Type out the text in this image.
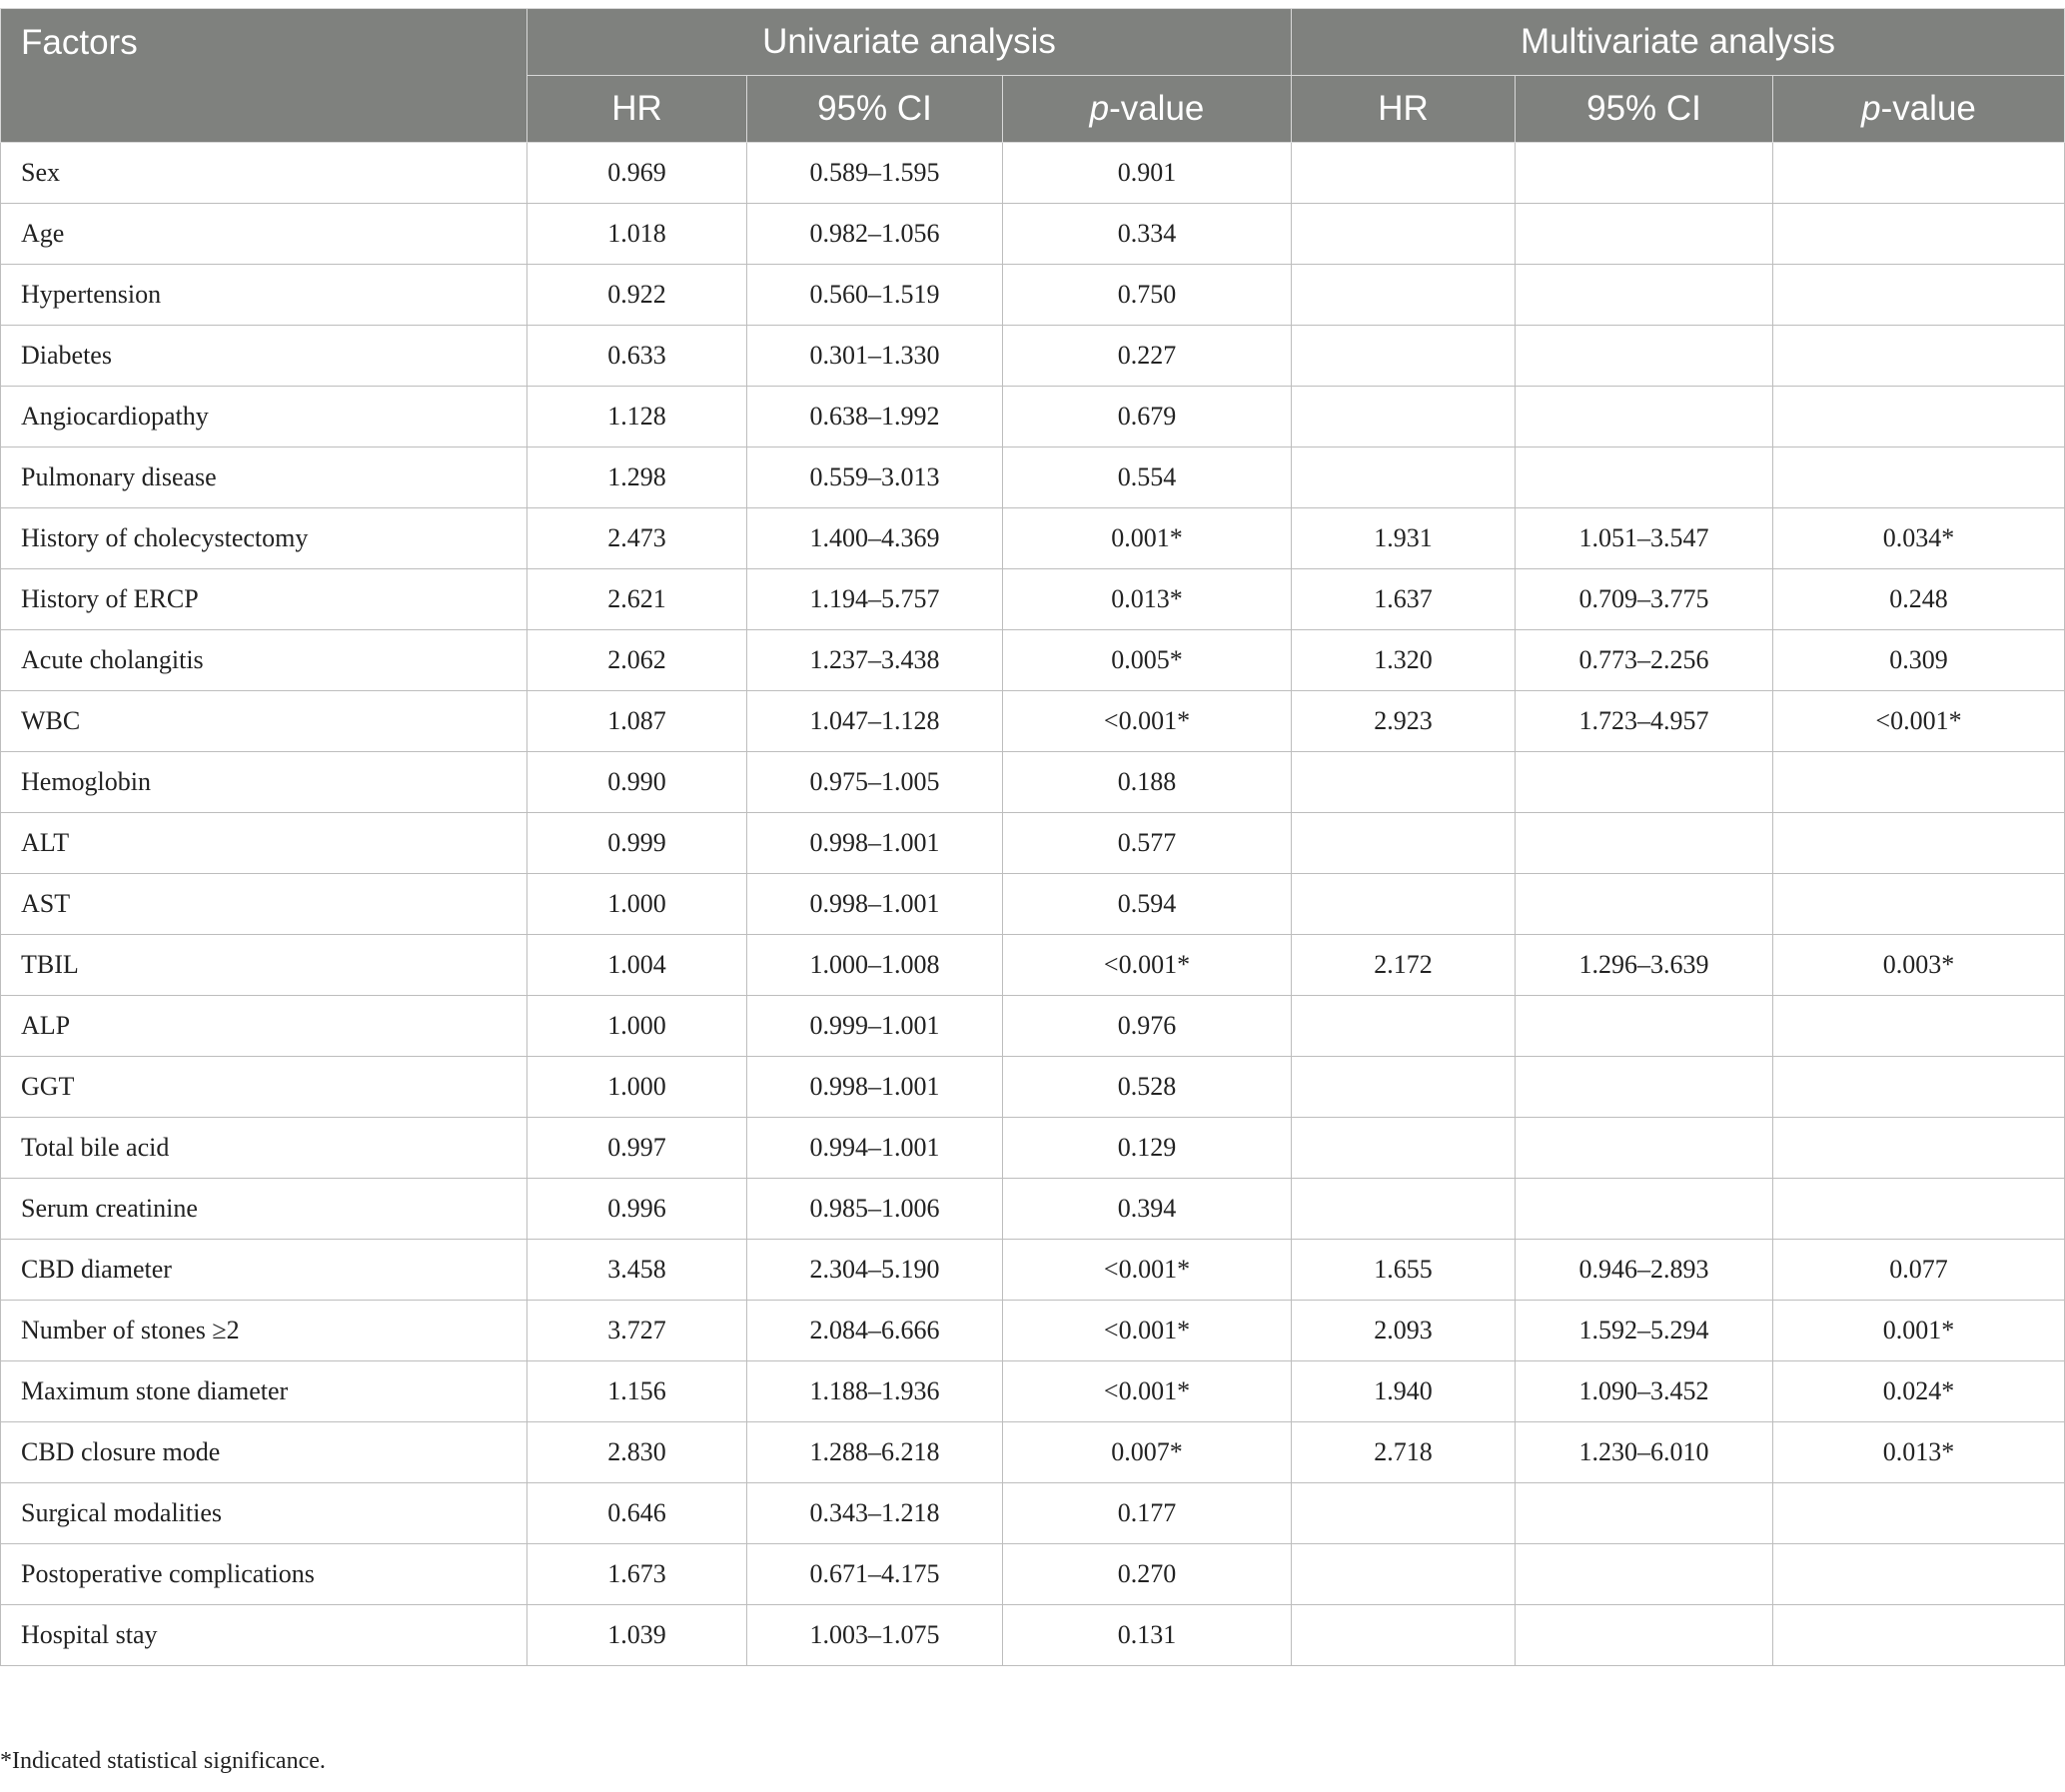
Factors	Univariate analysis			Multivariate analysis		
	HR	95% CI	p-value	HR	95% CI	p-value
Sex	0.969	0.589–1.595	0.901			
Age	1.018	0.982–1.056	0.334			
Hypertension	0.922	0.560–1.519	0.750			
Diabetes	0.633	0.301–1.330	0.227			
Angiocardiopathy	1.128	0.638–1.992	0.679			
Pulmonary disease	1.298	0.559–3.013	0.554			
History of cholecystectomy	2.473	1.400–4.369	0.001*	1.931	1.051–3.547	0.034*
History of ERCP	2.621	1.194–5.757	0.013*	1.637	0.709–3.775	0.248
Acute cholangitis	2.062	1.237–3.438	0.005*	1.320	0.773–2.256	0.309
WBC	1.087	1.047–1.128	<0.001*	2.923	1.723–4.957	<0.001*
Hemoglobin	0.990	0.975–1.005	0.188			
ALT	0.999	0.998–1.001	0.577			
AST	1.000	0.998–1.001	0.594			
TBIL	1.004	1.000–1.008	<0.001*	2.172	1.296–3.639	0.003*
ALP	1.000	0.999–1.001	0.976			
GGT	1.000	0.998–1.001	0.528			
Total bile acid	0.997	0.994–1.001	0.129			
Serum creatinine	0.996	0.985–1.006	0.394			
CBD diameter	3.458	2.304–5.190	<0.001*	1.655	0.946–2.893	0.077
Number of stones ≥2	3.727	2.084–6.666	<0.001*	2.093	1.592–5.294	0.001*
Maximum stone diameter	1.156	1.188–1.936	<0.001*	1.940	1.090–3.452	0.024*
CBD closure mode	2.830	1.288–6.218	0.007*	2.718	1.230–6.010	0.013*
Surgical modalities	0.646	0.343–1.218	0.177			
Postoperative complications	1.673	0.671–4.175	0.270			
Hospital stay	1.039	1.003–1.075	0.131			
*Indicated statistical significance.
